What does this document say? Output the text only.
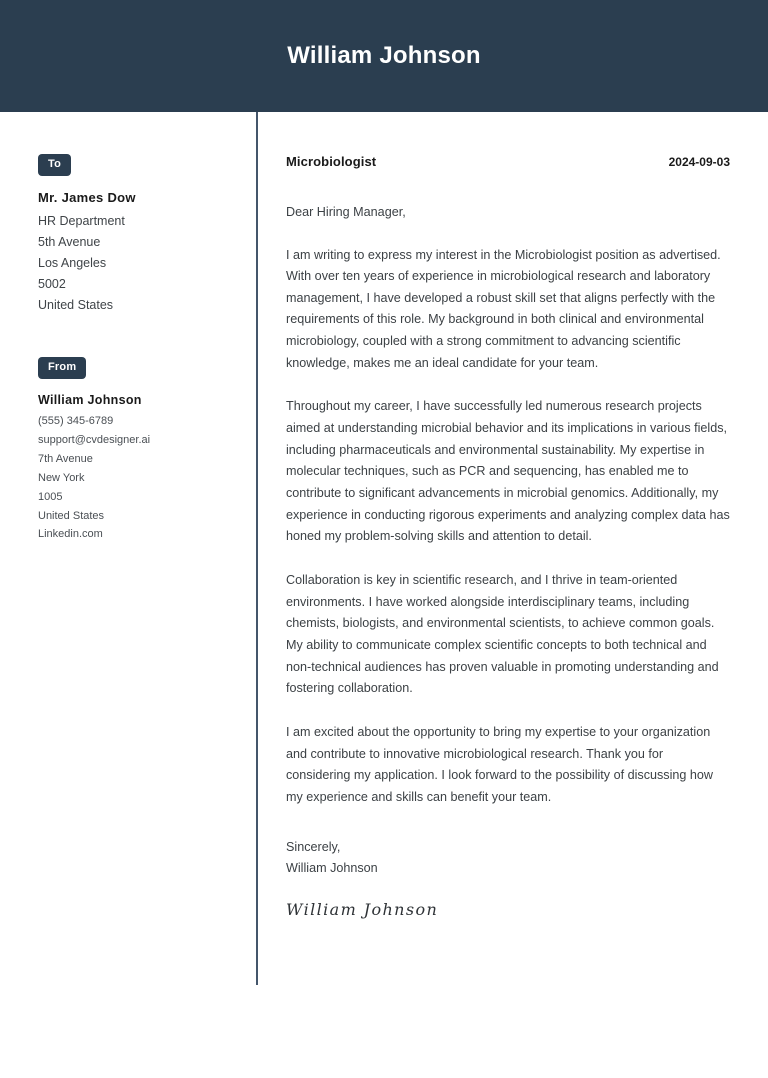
William Johnson
To
Mr. James Dow
HR Department
5th Avenue
Los Angeles
5002
United States
From
William Johnson
(555) 345-6789
support@cvdesigner.ai
7th Avenue
New York
1005
United States
Linkedin.com
Microbiologist	2024-09-03
Dear Hiring Manager,

I am writing to express my interest in the Microbiologist position as advertised. With over ten years of experience in microbiological research and laboratory management, I have developed a robust skill set that aligns perfectly with the requirements of this role. My background in both clinical and environmental microbiology, coupled with a strong commitment to advancing scientific knowledge, makes me an ideal candidate for your team.

Throughout my career, I have successfully led numerous research projects aimed at understanding microbial behavior and its implications in various fields, including pharmaceuticals and environmental sustainability. My expertise in molecular techniques, such as PCR and sequencing, has enabled me to contribute to significant advancements in microbial genomics. Additionally, my experience in conducting rigorous experiments and analyzing complex data has honed my problem-solving skills and attention to detail.

Collaboration is key in scientific research, and I thrive in team-oriented environments. I have worked alongside interdisciplinary teams, including chemists, biologists, and environmental scientists, to achieve common goals. My ability to communicate complex scientific concepts to both technical and non-technical audiences has proven valuable in promoting understanding and fostering collaboration.

I am excited about the opportunity to bring my expertise to your organization and contribute to innovative microbiological research. Thank you for considering my application. I look forward to the possibility of discussing how my experience and skills can benefit your team.

Sincerely,
William Johnson
William Johnson
